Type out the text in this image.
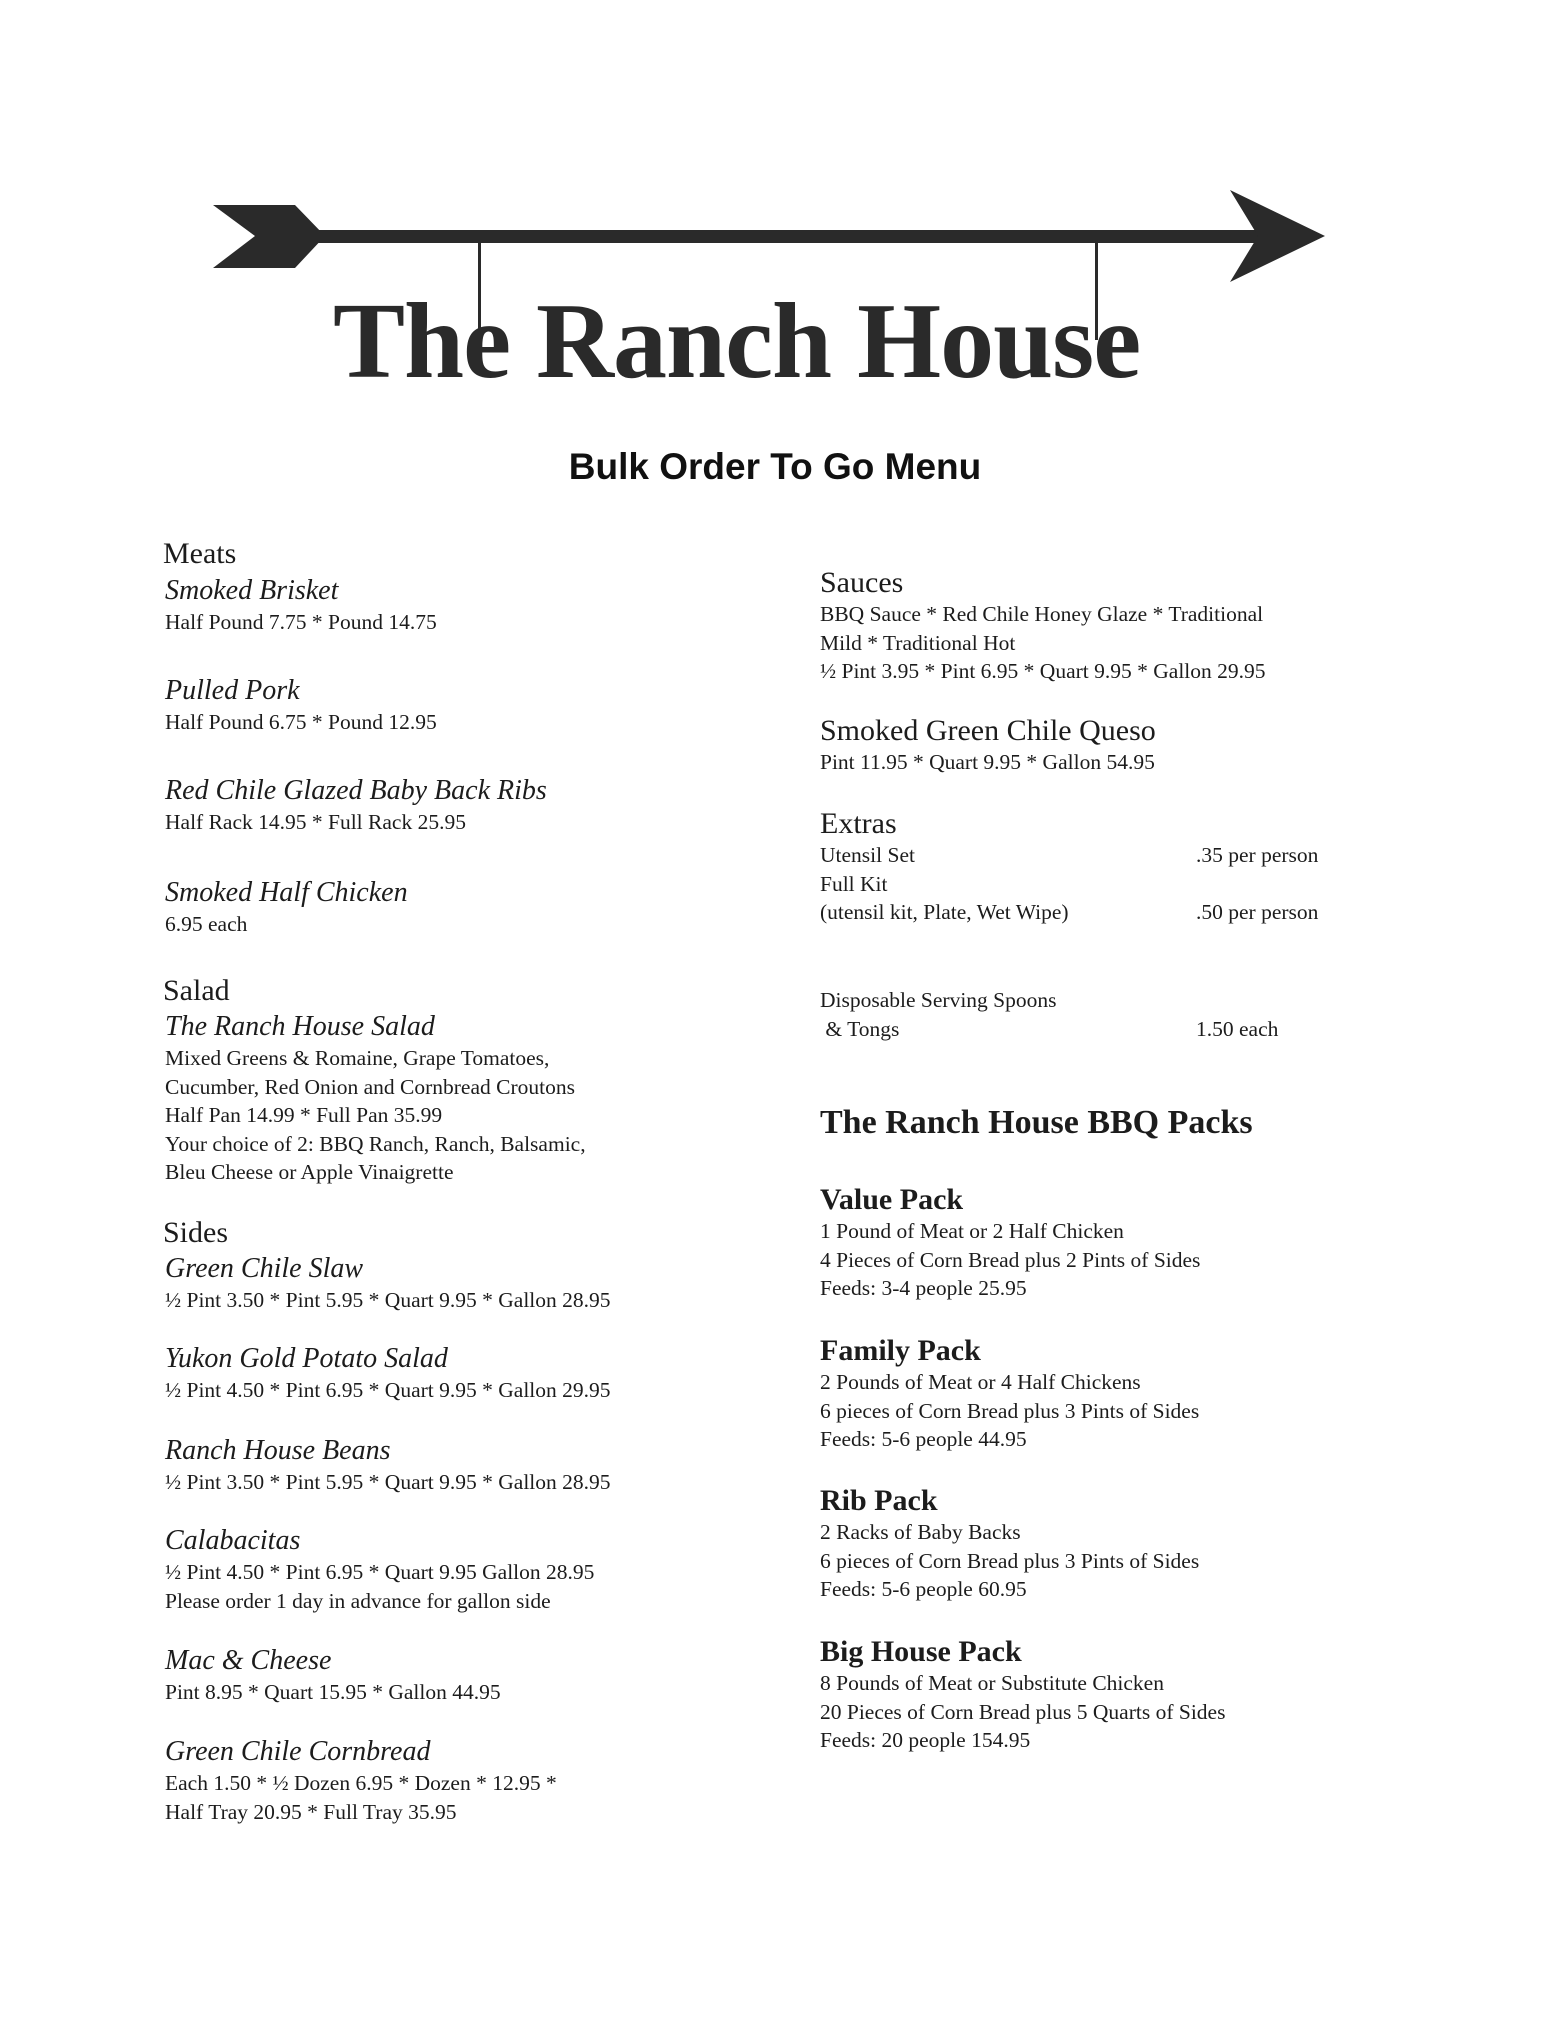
The Ranch House
Bulk Order To Go Menu
Meats
Smoked Brisket
Half Pound 7.75 * Pound 14.75
Pulled Pork
Half Pound 6.75 * Pound 12.95
Red Chile Glazed Baby Back Ribs
Half Rack 14.95 * Full Rack 25.95
Smoked Half Chicken
6.95 each
Salad
The Ranch House Salad
Mixed Greens & Romaine, Grape Tomatoes,
Cucumber, Red Onion and Cornbread Croutons
Half Pan 14.99 * Full Pan 35.99
Your choice of 2: BBQ Ranch, Ranch, Balsamic,
Bleu Cheese or Apple Vinaigrette
Sides
Green Chile Slaw
½ Pint 3.50 * Pint 5.95 * Quart 9.95 * Gallon 28.95
Yukon Gold Potato Salad
½ Pint 4.50 * Pint 6.95 * Quart 9.95 * Gallon 29.95
Ranch House Beans
½ Pint 3.50 * Pint 5.95 * Quart 9.95 * Gallon 28.95
Calabacitas
½ Pint 4.50 * Pint 6.95 * Quart 9.95 Gallon 28.95
Please order 1 day in advance for gallon side
Mac & Cheese
Pint 8.95 * Quart 15.95 * Gallon 44.95
Green Chile Cornbread
Each 1.50 * ½ Dozen 6.95 * Dozen * 12.95 *
Half Tray 20.95 * Full Tray 35.95
Sauces
BBQ Sauce * Red Chile Honey Glaze * Traditional
Mild * Traditional Hot
½ Pint 3.95 * Pint 6.95 * Quart 9.95 * Gallon 29.95
Smoked Green Chile Queso
Pint 11.95 * Quart 9.95 * Gallon 54.95
Extras
Utensil Set	.35 per person
Full Kit
(utensil kit, Plate, Wet Wipe)	.50 per person
Disposable Serving Spoons
& Tongs	1.50 each
The Ranch House BBQ Packs
Value Pack
1 Pound of Meat or 2 Half Chicken
4 Pieces of Corn Bread plus 2 Pints of Sides
Feeds: 3-4 people 25.95
Family Pack
2 Pounds of Meat or 4 Half Chickens
6 pieces of Corn Bread plus 3 Pints of Sides
Feeds: 5-6 people 44.95
Rib Pack
2 Racks of Baby Backs
6 pieces of Corn Bread plus 3 Pints of Sides
Feeds: 5-6 people 60.95
Big House Pack
8 Pounds of Meat or Substitute Chicken
20 Pieces of Corn Bread plus 5 Quarts of Sides
Feeds: 20 people 154.95
